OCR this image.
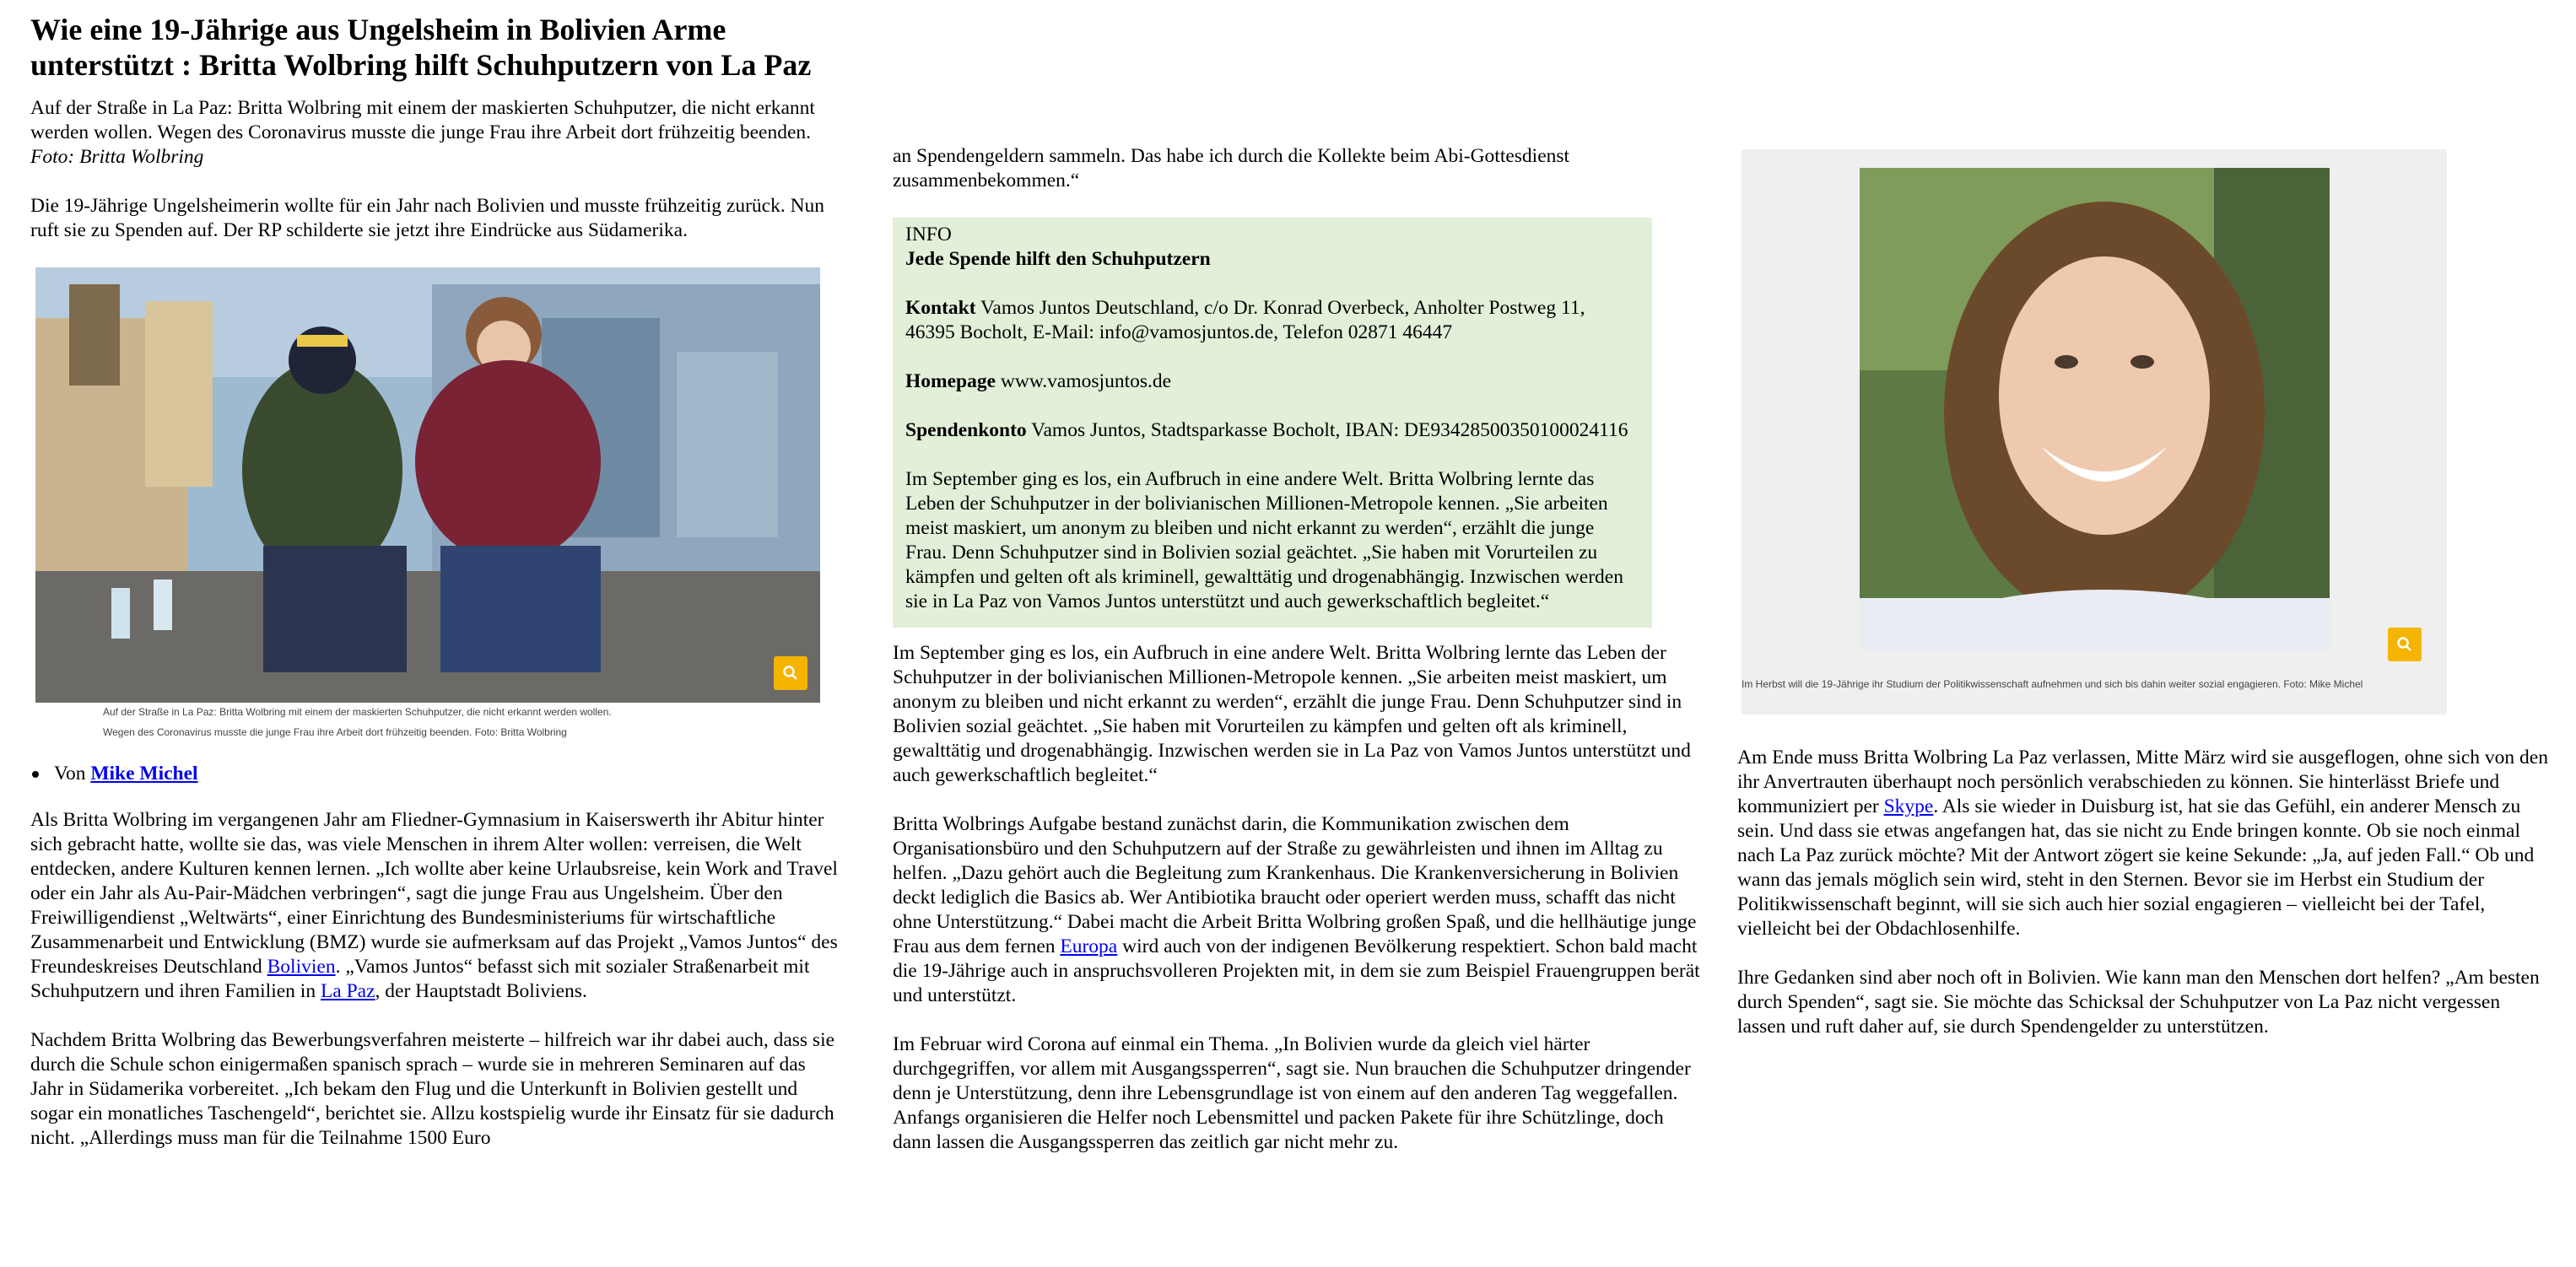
Wie eine 19-Jährige aus Ungelsheim in Bolivien Arme unterstützt : Britta Wolbring hilft Schuhputzern von La Paz

Auf der Straße in La Paz: Britta Wolbring mit einem der maskierten Schuhputzer, die nicht erkannt werden wollen. Wegen des Coronavirus musste die junge Frau ihre Arbeit dort frühzeitig beenden. Foto: Britta Wolbring

Die 19-Jährige Ungelsheimerin wollte für ein Jahr nach Bolivien und musste frühzeitig zurück. Nun ruft sie zu Spenden auf. Der RP schilderte sie jetzt ihre Eindrücke aus Südamerika.

Auf der Straße in La Paz: Britta Wolbring mit einem der maskierten Schuhputzer, die nicht erkannt werden wollen.
Wegen des Coronavirus musste die junge Frau ihre Arbeit dort frühzeitig beenden. Foto: Britta Wolbring
Von
Mike Michel

Als Britta Wolbring im vergangenen Jahr am Fliedner-Gymnasium in Kaiserswerth ihr Abitur hinter sich gebracht hatte, wollte sie das, was viele Menschen in ihrem Alter wollen: verreisen, die Welt entdecken, andere Kulturen kennen lernen. „Ich wollte aber keine Urlaubsreise, kein Work and Travel oder ein Jahr als Au-Pair-Mädchen verbringen“, sagt die junge Frau aus Ungelsheim. Über den Freiwilligendienst „Weltwärts“, einer Einrichtung des Bundesministeriums für wirtschaftliche Zusammenarbeit und Entwicklung (BMZ) wurde sie aufmerksam auf das Projekt „Vamos Juntos“ des Freundeskreises Deutschland Bolivien. „Vamos Juntos“ befasst sich mit sozialer Straßenarbeit mit Schuhputzern und ihren Familien in La Paz, der Hauptstadt Boliviens.

Nachdem Britta Wolbring das Bewerbungsverfahren meisterte – hilfreich war ihr dabei auch, dass sie durch die Schule schon einigermaßen spanisch sprach – wurde sie in mehreren Seminaren auf das Jahr in Südamerika vorbereitet. „Ich bekam den Flug und die Unterkunft in Bolivien gestellt und sogar ein monatliches Taschengeld“, berichtet sie. Allzu kostspielig wurde ihr Einsatz für sie dadurch nicht. „Allerdings muss man für die Teilnahme 1500 Euro

an Spendengeldern sammeln. Das habe ich durch die Kollekte beim Abi-Gottesdienst zusammenbekommen.“

INFO
Jede Spende hilft den Schuhputzern

Kontakt Vamos Juntos Deutschland, c/o Dr. Konrad Overbeck, Anholter Postweg 11, 46395 Bocholt, E-Mail: info@vamosjuntos.de, Telefon 02871 46447

Homepage www.vamosjuntos.de

Spendenkonto Vamos Juntos, Stadtsparkasse Bocholt, IBAN: DE93428500350100024116

Im September ging es los, ein Aufbruch in eine andere Welt. Britta Wolbring lernte das Leben der Schuhputzer in der bolivianischen Millionen-Metropole kennen. „Sie arbeiten meist maskiert, um anonym zu bleiben und nicht erkannt zu werden“, erzählt die junge Frau. Denn Schuhputzer sind in Bolivien sozial geächtet. „Sie haben mit Vorurteilen zu kämpfen und gelten oft als kriminell, gewalttätig und drogenabhängig. Inzwischen werden sie in La Paz von Vamos Juntos unterstützt und auch gewerkschaftlich begleitet.“

Im September ging es los, ein Aufbruch in eine andere Welt. Britta Wolbring lernte das Leben der Schuhputzer in der bolivianischen Millionen-Metropole kennen. „Sie arbeiten meist maskiert, um anonym zu bleiben und nicht erkannt zu werden“, erzählt die junge Frau. Denn Schuhputzer sind in Bolivien sozial geächtet. „Sie haben mit Vorurteilen zu kämpfen und gelten oft als kriminell, gewalttätig und drogenabhängig. Inzwischen werden sie in La Paz von Vamos Juntos unterstützt und auch gewerkschaftlich begleitet.“

Britta Wolbrings Aufgabe bestand zunächst darin, die Kommunikation zwischen dem Organisationsbüro und den Schuhputzern auf der Straße zu gewährleisten und ihnen im Alltag zu helfen. „Dazu gehört auch die Begleitung zum Krankenhaus. Die Krankenversicherung in Bolivien deckt lediglich die Basics ab. Wer Antibiotika braucht oder operiert werden muss, schafft das nicht ohne Unterstützung.“ Dabei macht die Arbeit Britta Wolbring großen Spaß, und die hellhäutige junge Frau aus dem fernen Europa wird auch von der indigenen Bevölkerung respektiert. Schon bald macht die 19-Jährige auch in anspruchsvolleren Projekten mit, in dem sie zum Beispiel Frauengruppen berät und unterstützt.

Im Februar wird Corona auf einmal ein Thema. „In Bolivien wurde da gleich viel härter durchgegriffen, vor allem mit Ausgangssperren“, sagt sie. Nun brauchen die Schuhputzer dringender denn je Unterstützung, denn ihre Lebensgrundlage ist von einem auf den anderen Tag weggefallen. Anfangs organisieren die Helfer noch Lebensmittel und packen Pakete für ihre Schützlinge, doch dann lassen die Ausgangssperren das zeitlich gar nicht mehr zu.

Im Herbst will die 19-Jährige ihr Studium der Politikwissenschaft aufnehmen und sich bis dahin weiter sozial engagieren. Foto: Mike Michel

Am Ende muss Britta Wolbring La Paz verlassen, Mitte März wird sie ausgeflogen, ohne sich von den ihr Anvertrauten überhaupt noch persönlich verabschieden zu können. Sie hinterlässt Briefe und kommuniziert per Skype. Als sie wieder in Duisburg ist, hat sie das Gefühl, ein anderer Mensch zu sein. Und dass sie etwas angefangen hat, das sie nicht zu Ende bringen konnte. Ob sie noch einmal nach La Paz zurück möchte? Mit der Antwort zögert sie keine Sekunde: „Ja, auf jeden Fall.“ Ob und wann das jemals möglich sein wird, steht in den Sternen. Bevor sie im Herbst ein Studium der Politikwissenschaft beginnt, will sie sich auch hier sozial engagieren – vielleicht bei der Tafel, vielleicht bei der Obdachlosenhilfe.

Ihre Gedanken sind aber noch oft in Bolivien. Wie kann man den Menschen dort helfen? „Am besten durch Spenden“, sagt sie. Sie möchte das Schicksal der Schuhputzer von La Paz nicht vergessen lassen und ruft daher auf, sie durch Spendengelder zu unterstützen.
